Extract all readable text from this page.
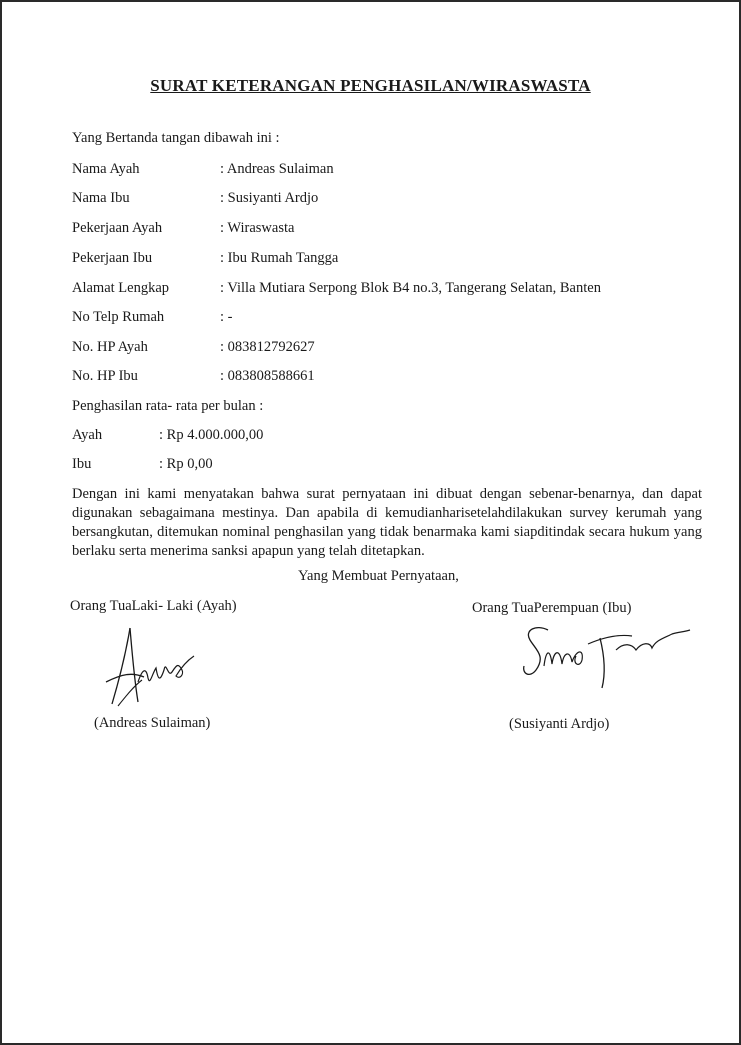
SURAT KETERANGAN PENGHASILAN/WIRASWASTA
Yang Bertanda tangan dibawah ini :
Nama Ayah	: Andreas Sulaiman
Nama Ibu	: Susiyanti Ardjo
Pekerjaan Ayah	: Wiraswasta
Pekerjaan Ibu	: Ibu Rumah Tangga
Alamat Lengkap	: Villa Mutiara Serpong Blok B4 no.3, Tangerang Selatan, Banten
No Telp Rumah	: -
No. HP Ayah	: 083812792627
No. HP Ibu	: 083808588661
Penghasilan rata- rata per bulan :
Ayah	: Rp 4.000.000,00
Ibu	: Rp 0,00
Dengan ini kami menyatakan bahwa surat pernyataan ini dibuat dengan sebenar-benarnya, dan dapat digunakan sebagaimana mestinya. Dan apabila di kemudianharisetelahdilakukan survey kerumah yang bersangkutan, ditemukan nominal penghasilan yang tidak benarmaka kami siapditindak secara hukum yang berlaku serta menerima sanksi apapun yang telah ditetapkan.
Yang Membuat Pernyataan,
Orang TuaLaki- Laki (Ayah)	Orang TuaPerempuan (Ibu)
(Andreas Sulaiman)	(Susiyanti Ardjo)
